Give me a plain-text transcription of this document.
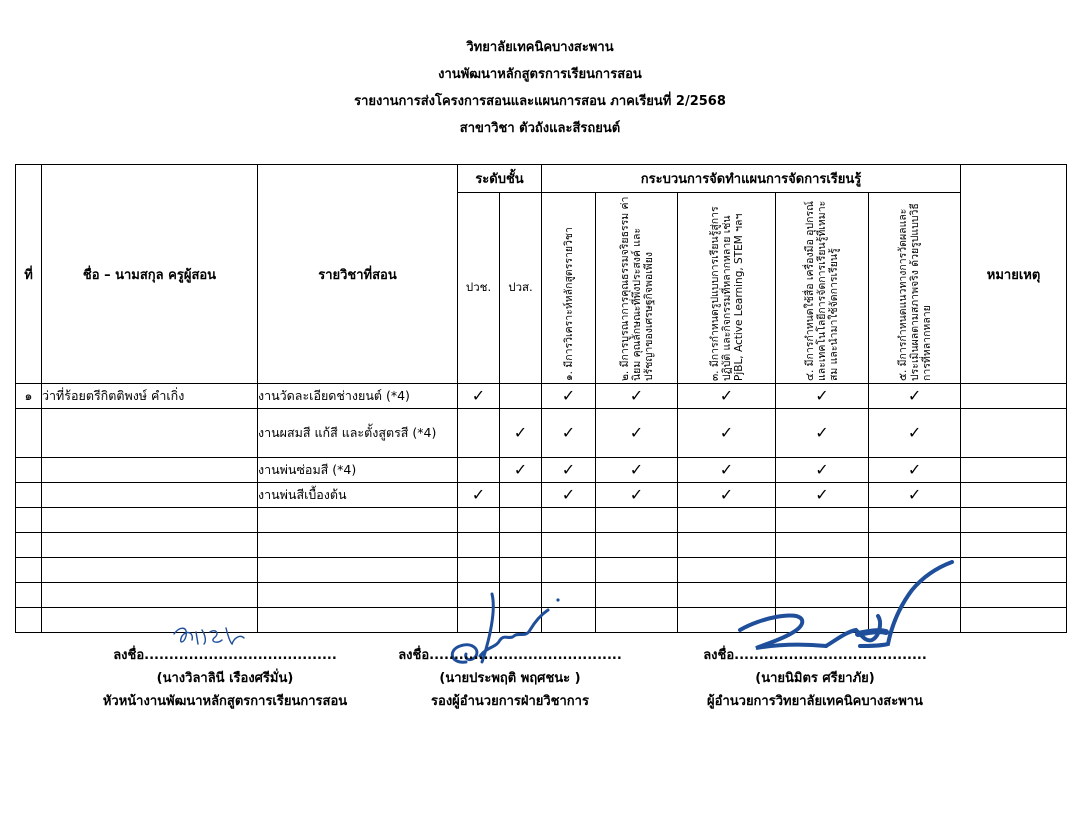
วิทยาลัยเทคนิคบางสะพาน
งานพัฒนาหลักสูตรการเรียนการสอน
รายงานการส่งโครงการสอนและแผนการสอน ภาคเรียนที่ 2/2568
สาขาวิชา ตัวถังและสีรถยนต์
ที่	ชื่อ – นามสกุล ครูผู้สอน	รายวิชาที่สอน	ระดับชั้น		กระบวนการจัดทำแผนการจัดการเรียนรู้					หมายเหตุ
			ปวช.	ปวส.	๑. มีการวิเคราะห์หลักสูตรรายวิชา	๒. มีการบูรณาการคุณธรรมจริยธรรม ค่านิยม คุณลักษณะที่พึงประสงค์ และปรัชญาของเศรษฐกิจพอเพียง	๓. มีการกำหนดรูปแบบการเรียนรู้สู่การปฏิบัติ และกิจกรรมที่หลากหลาย เช่น PjBL, Active Learning, STEM ฯลฯ	๔. มีการกำหนดใช้สื่อ เครื่องมือ อุปกรณ์ และเทคโนโลยีการจัดการเรียนรู้ที่เหมาะสม และนำมาใช้จัดการเรียนรู้	๕. มีการกำหนดแนวทางการวัดผลและประเมินผลตามสภาพจริง ด้วยรูปแบบวิธีการที่หลากหลาย	

๑	ว่าที่ร้อยตรีกิตติพงษ์ คำเกิ่ง	งานวัดละเอียดช่างยนต์ (*4)	✓		✓	✓	✓	✓	✓	
		งานผสมสี แก้สี และตั้งสูตรสี (*4)		✓	✓	✓	✓	✓	✓	
		งานพ่นซ่อมสี (*4)		✓	✓	✓	✓	✓	✓	
		งานพ่นสีเบื้องต้น	✓		✓	✓	✓	✓	✓	

ลงชื่อ.......................................
(นางวิลาลินี เรืองศรีมั่น)
หัวหน้างานพัฒนาหลักสูตรการเรียนการสอน
ลงชื่อ.......................................
(นายประพฤติ พฤศชนะ )
รองผู้อำนวยการฝ่ายวิชาการ
ลงชื่อ.......................................
(นายนิมิตร ศรียาภัย)
ผู้อำนวยการวิทยาลัยเทคนิคบางสะพาน
